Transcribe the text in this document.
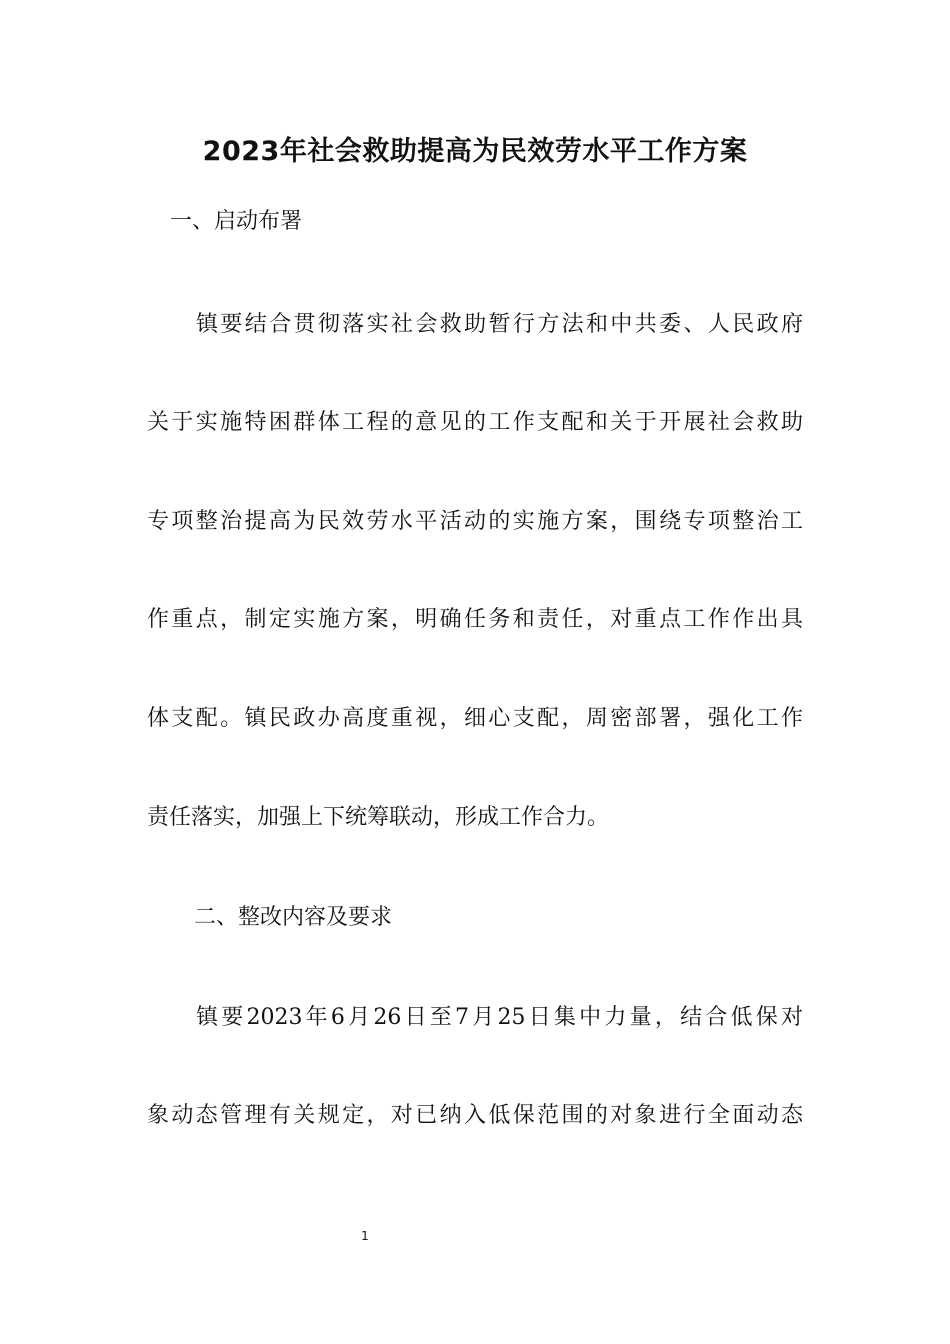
2023年社会救助提高为民效劳水平工作方案
一、启动布署
镇要结合贯彻落实社会救助暂行方法和中共委、人民政府
关于实施特困群体工程的意见的工作支配和关于开展社会救助
专项整治提高为民效劳水平活动的实施方案，围绕专项整治工
作重点，制定实施方案，明确任务和责任，对重点工作作出具
体支配。镇民政办高度重视，细心支配，周密部署，强化工作
责任落实，加强上下统筹联动，形成工作合力。
二、整改内容及要求
镇要2023年6月26日至7月25日集中力量，结合低保对
象动态管理有关规定，对已纳入低保范围的对象进行全面动态
1
